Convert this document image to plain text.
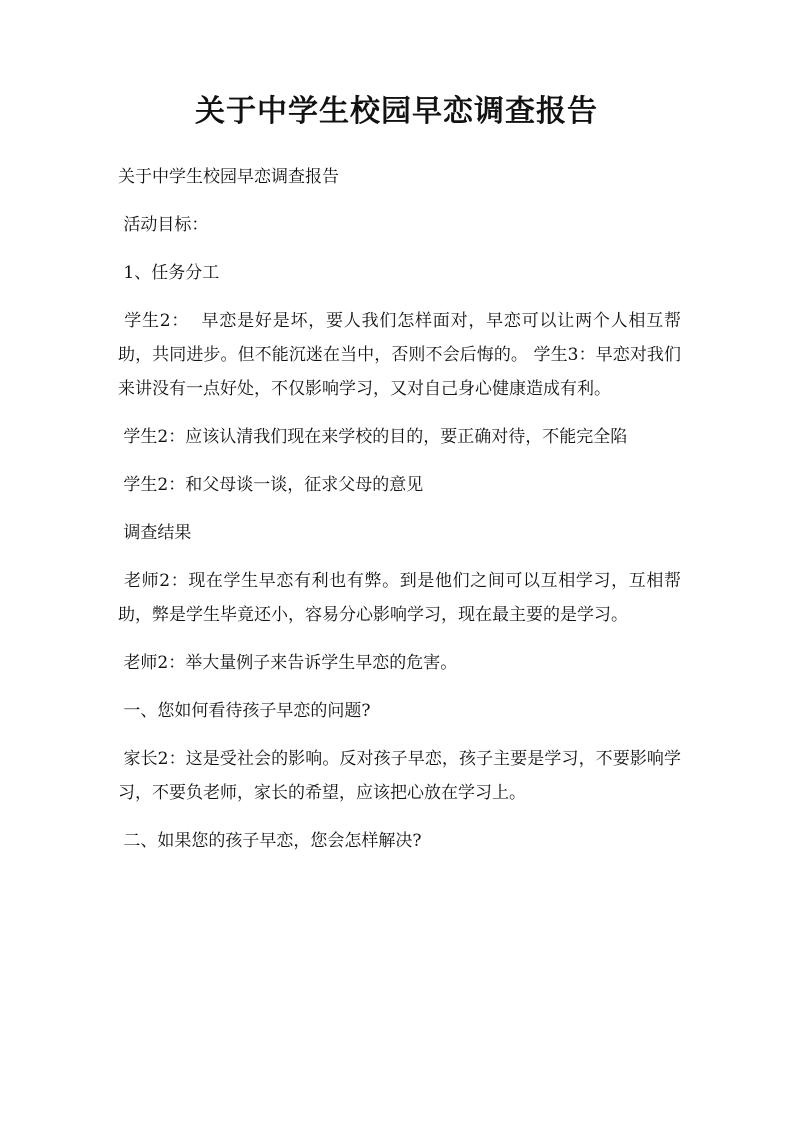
关于中学生校园早恋调查报告

关于中学生校园早恋调查报告

活动目标：

1、任务分工

学生2：  早恋是好是坏，要人我们怎样面对，早恋可以让两个人相互帮助，共同进步。但不能沉迷在当中，否则不会后悔的。 学生3：早恋对我们来讲没有一点好处，不仅影响学习，又对自己身心健康造成有利。

学生2：应该认清我们现在来学校的目的，要正确对待，不能完全陷

学生2：和父母谈一谈，征求父母的意见

调查结果

老师2：现在学生早恋有利也有弊。到是他们之间可以互相学习，互相帮助，弊是学生毕竟还小，容易分心影响学习，现在最主要的是学习。

老师2：举大量例子来告诉学生早恋的危害。

一、您如何看待孩子早恋的问题?

家长2：这是受社会的影响。反对孩子早恋，孩子主要是学习，不要影响学习，不要负老师，家长的希望，应该把心放在学习上。

二、如果您的孩子早恋，您会怎样解决?
